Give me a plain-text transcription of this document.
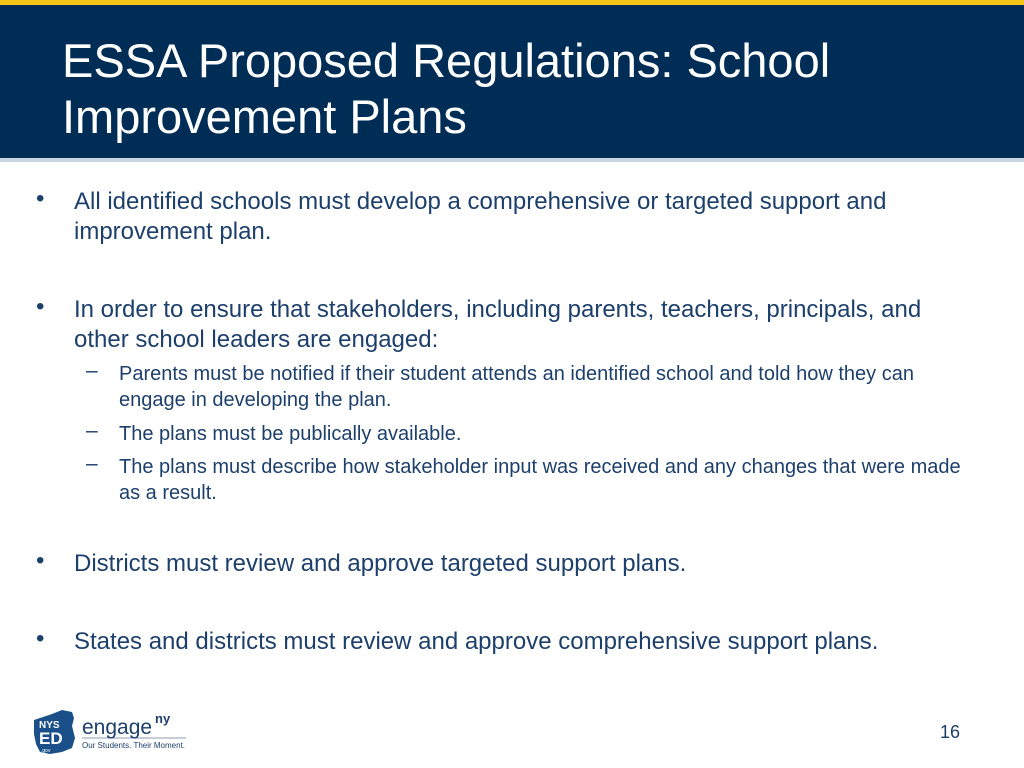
ESSA Proposed Regulations: School Improvement Plans
• All identified schools must develop a comprehensive or targeted support and improvement plan.
• In order to ensure that stakeholders, including parents, teachers, principals, and other school leaders are engaged:
– Parents must be notified if their student attends an identified school and told how they can engage in developing the plan.
– The plans must be publically available.
– The plans must describe how stakeholder input was received and any changes that were made as a result.
• Districts must review and approve targeted support plans.
• States and districts must review and approve comprehensive support plans.
NYS
ED
.gov
engage ny
Our Students. Their Moment.
16
